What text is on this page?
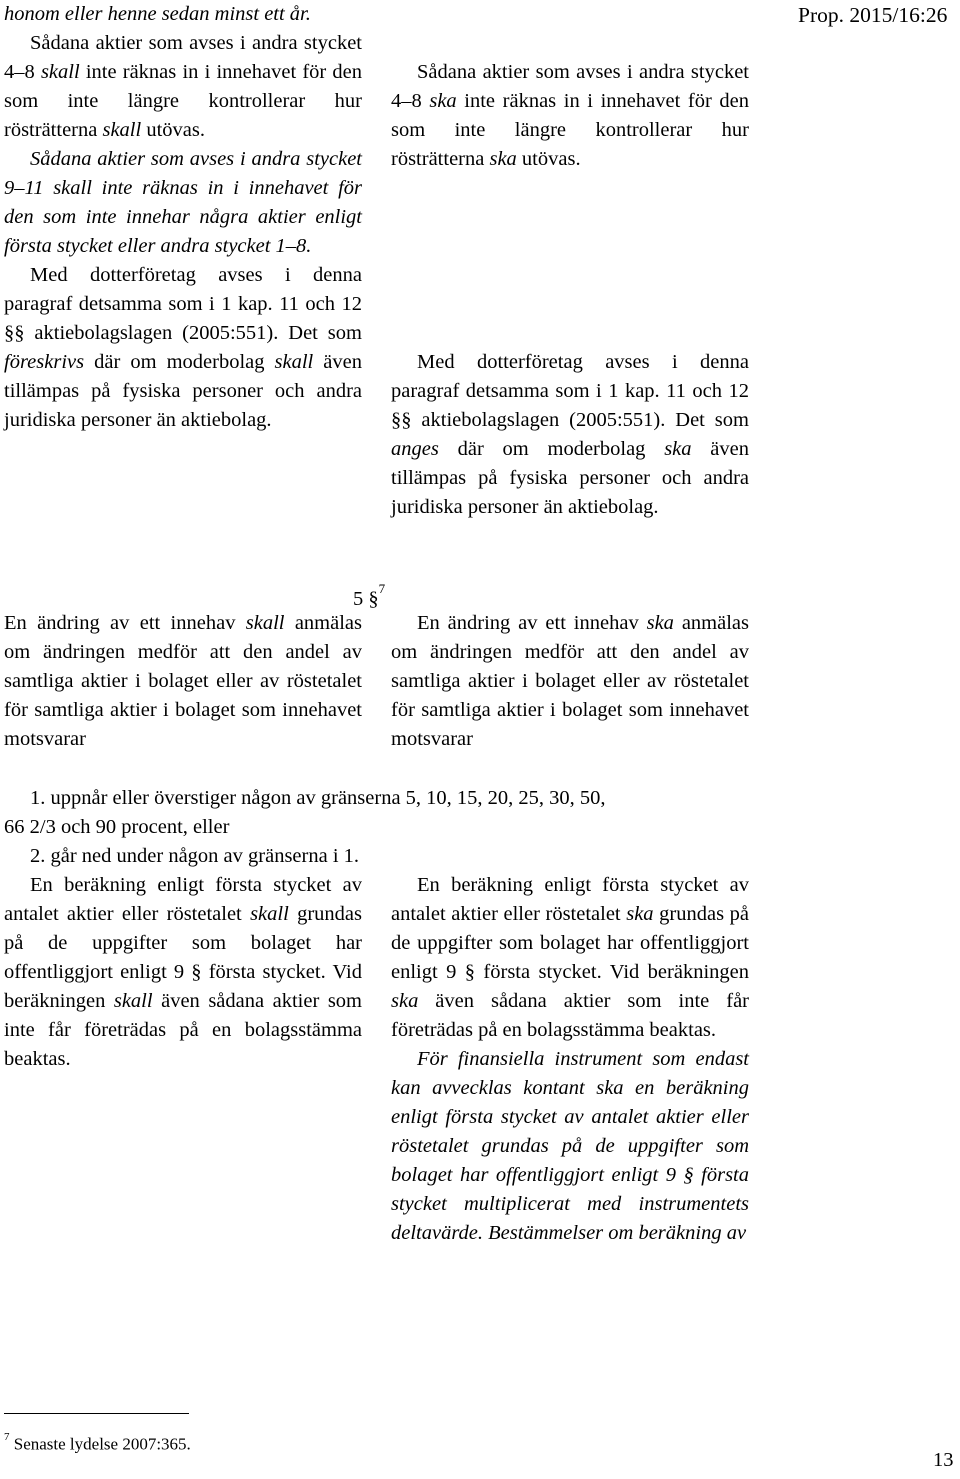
Prop. 2015/16:26

honom eller henne sedan minst ett år.

Sådana aktier som avses i andra stycket 4–8 skall inte räknas in i innehavet för den som inte längre kontrollerar hur rösträtterna skall utövas.

Sådana aktier som avses i andra stycket 9–11 skall inte räknas in i innehavet för den som inte innehar några aktier enligt första stycket eller andra stycket 1–8.

Med dotterföretag avses i denna paragraf detsamma som i 1 kap. 11 och 12 §§ aktiebolagslagen (2005:551). Det som föreskrivs där om moderbolag skall även tillämpas på fysiska personer och andra juridiska personer än aktiebolag.

Sådana aktier som avses i andra stycket 4–8 ska inte räknas in i innehavet för den som inte längre kontrollerar hur rösträtterna ska utövas.

Med dotterföretag avses i denna paragraf detsamma som i 1 kap. 11 och 12 §§ aktiebolagslagen (2005:551). Det som anges där om moderbolag ska även tillämpas på fysiska personer och andra juridiska personer än aktiebolag.

5 §$^7$

En ändring av ett innehav skall anmälas om ändringen medför att den andel av samtliga aktier i bolaget eller av röstetalet för samtliga aktier i bolaget som innehavet motsvarar

En ändring av ett innehav ska anmälas om ändringen medför att den andel av samtliga aktier i bolaget eller av röstetalet för samtliga aktier i bolaget som innehavet motsvarar

1. uppnår eller överstiger någon av gränserna 5, 10, 15, 20, 25, 30, 50,
66 2/3 och 90 procent, eller
2. går ned under någon av gränserna i 1.

En beräkning enligt första stycket av antalet aktier eller röstetalet skall grundas på de uppgifter som bolaget har offentliggjort enligt 9 § första stycket. Vid beräkningen skall även sådana aktier som inte får företrädas på en bolagsstämma beaktas.

En beräkning enligt första stycket av antalet aktier eller röstetalet ska grundas på de uppgifter som bolaget har offentliggjort enligt 9 § första stycket. Vid beräkningen ska även sådana aktier som inte får företrädas på en bolagsstämma beaktas.

För finansiella instrument som endast kan avvecklas kontant ska en beräkning enligt första stycket av antalet aktier eller röstetalet grundas på de uppgifter som bolaget har offentliggjort enligt 9 § första stycket multiplicerat med instrumentets deltavärde. Bestämmelser om beräkning av

$^7$ Senaste lydelse 2007:365.
13
